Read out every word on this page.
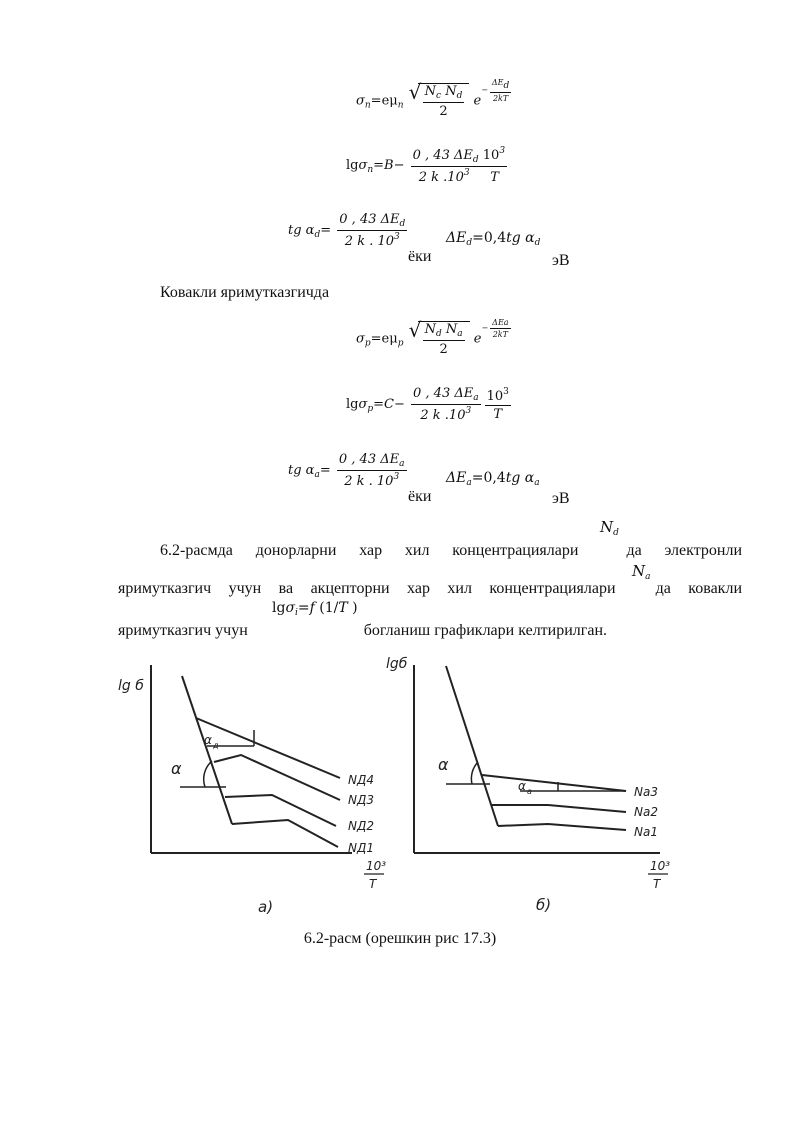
$\sigma_n=e\mu_n$ √ $\frac{N_c N_d}{2} e- \frac{\text{ΔEd}}{2kT}$
$\lg\sigma_n=B- \frac{0 , 43 \Delta E_d 10^3}{2 k .10^3 T}$
tg $\alpha_d= \frac{0 , 43 \Delta E_d}{2 k . 10^3}$
ёки
$\Delta E_d=0,4tg$ $\alpha_d$
эВ
Ковакли яримутказгичда
$\sigma_p=e\mu_p$ √ $\frac{N_d N_a}{2} e- \frac{\text{ΔEa}}{2kT}$
$\lg\sigma_p=C- \frac{0 , 43 \Delta E_a}{2 k .10^3} \frac{10^3}{T}$
tg $\alpha_a= \frac{0 , 43 \Delta E_a}{2 k . 10^3}$
ёки
$\Delta E_a=0,4tg$ $\alpha_a$
эВ
$N_d$
6.2-расмда донорларни хар хил концентрациялари	да электронли
$N_a$
яримутказгич учун ва акцепторни хар хил концентрациялари	да ковакли
lgσ$_i$=f (1/T )
яримутказгич учун	богланиш графиклари келтирилган.
lg б
α
α д
NД4
NД3
NД2
NД1
10³
T
а)
lgб
α
α а	Nа3
Nа2
Nа1
10³
T
б)
6.2-расм (орешкин рис 17.3)
